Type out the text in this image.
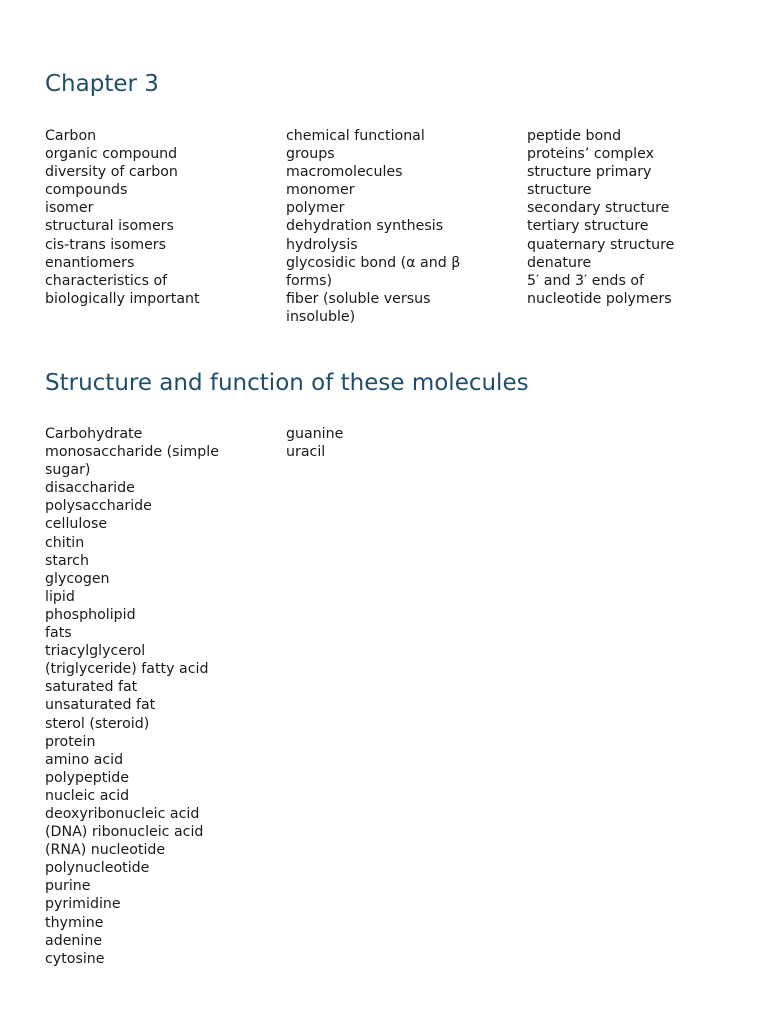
Chapter 3
Carbon
organic compound
diversity of carbon
compounds
isomer
structural isomers
cis-trans isomers
enantiomers
characteristics of
biologically important
chemical functional
groups
macromolecules
monomer
polymer
dehydration synthesis
hydrolysis
glycosidic bond (α and β
forms)
fiber (soluble versus
insoluble)
peptide bond
proteins’ complex
structure primary
structure
secondary structure
tertiary structure
quaternary structure
denature
5′ and 3′ ends of
nucleotide polymers
Structure and function of these molecules
Carbohydrate
monosaccharide (simple
sugar)
disaccharide
polysaccharide
cellulose
chitin
starch
glycogen
lipid
phospholipid
fats
triacylglycerol
(triglyceride) fatty acid
saturated fat
unsaturated fat
sterol (steroid)
protein
amino acid
polypeptide
nucleic acid
deoxyribonucleic acid
(DNA) ribonucleic acid
(RNA) nucleotide
polynucleotide
purine
pyrimidine
thymine
adenine
cytosine
guanine
uracil
